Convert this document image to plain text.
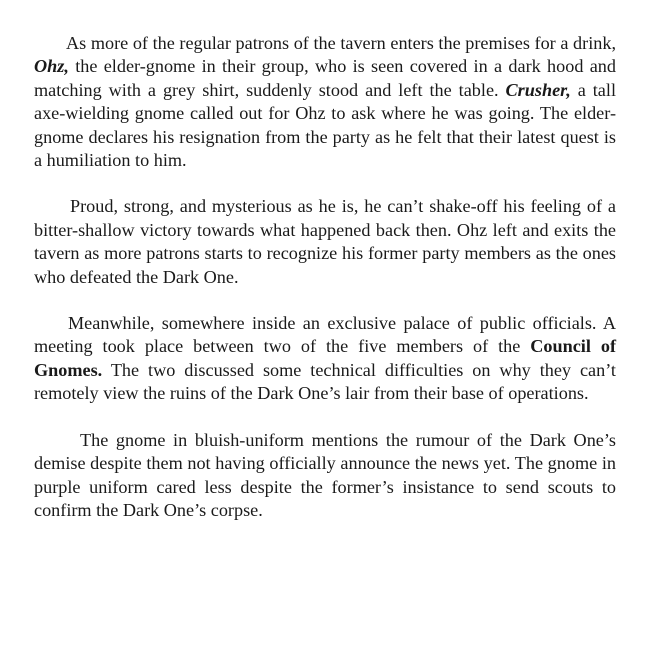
As more of the regular patrons of the tavern enters the premises for a drink, Ohz, the elder-gnome in their group, who is seen covered in a dark hood and matching with a grey shirt, suddenly stood and left the table. Crusher, a tall axe-wielding gnome called out for Ohz to ask where he was going. The elder-gnome declares his resignation from the party as he felt that their latest quest is a humiliation to him.

Proud, strong, and mysterious as he is, he can’t shake-off his feeling of a bitter-shallow victory towards what happened back then. Ohz left and exits the tavern as more patrons starts to recognize his former party members as the ones who defeated the Dark One.

Meanwhile, somewhere inside an exclusive palace of public officials. A meeting took place between two of the five members of the Council of Gnomes. The two discussed some technical difficulties on why they can’t remotely view the ruins of the Dark One’s lair from their base of operations.

The gnome in bluish-uniform mentions the rumour of the Dark One’s demise despite them not having officially announce the news yet. The gnome in purple uniform cared less despite the former’s insistance to send scouts to confirm the Dark One’s corpse.
